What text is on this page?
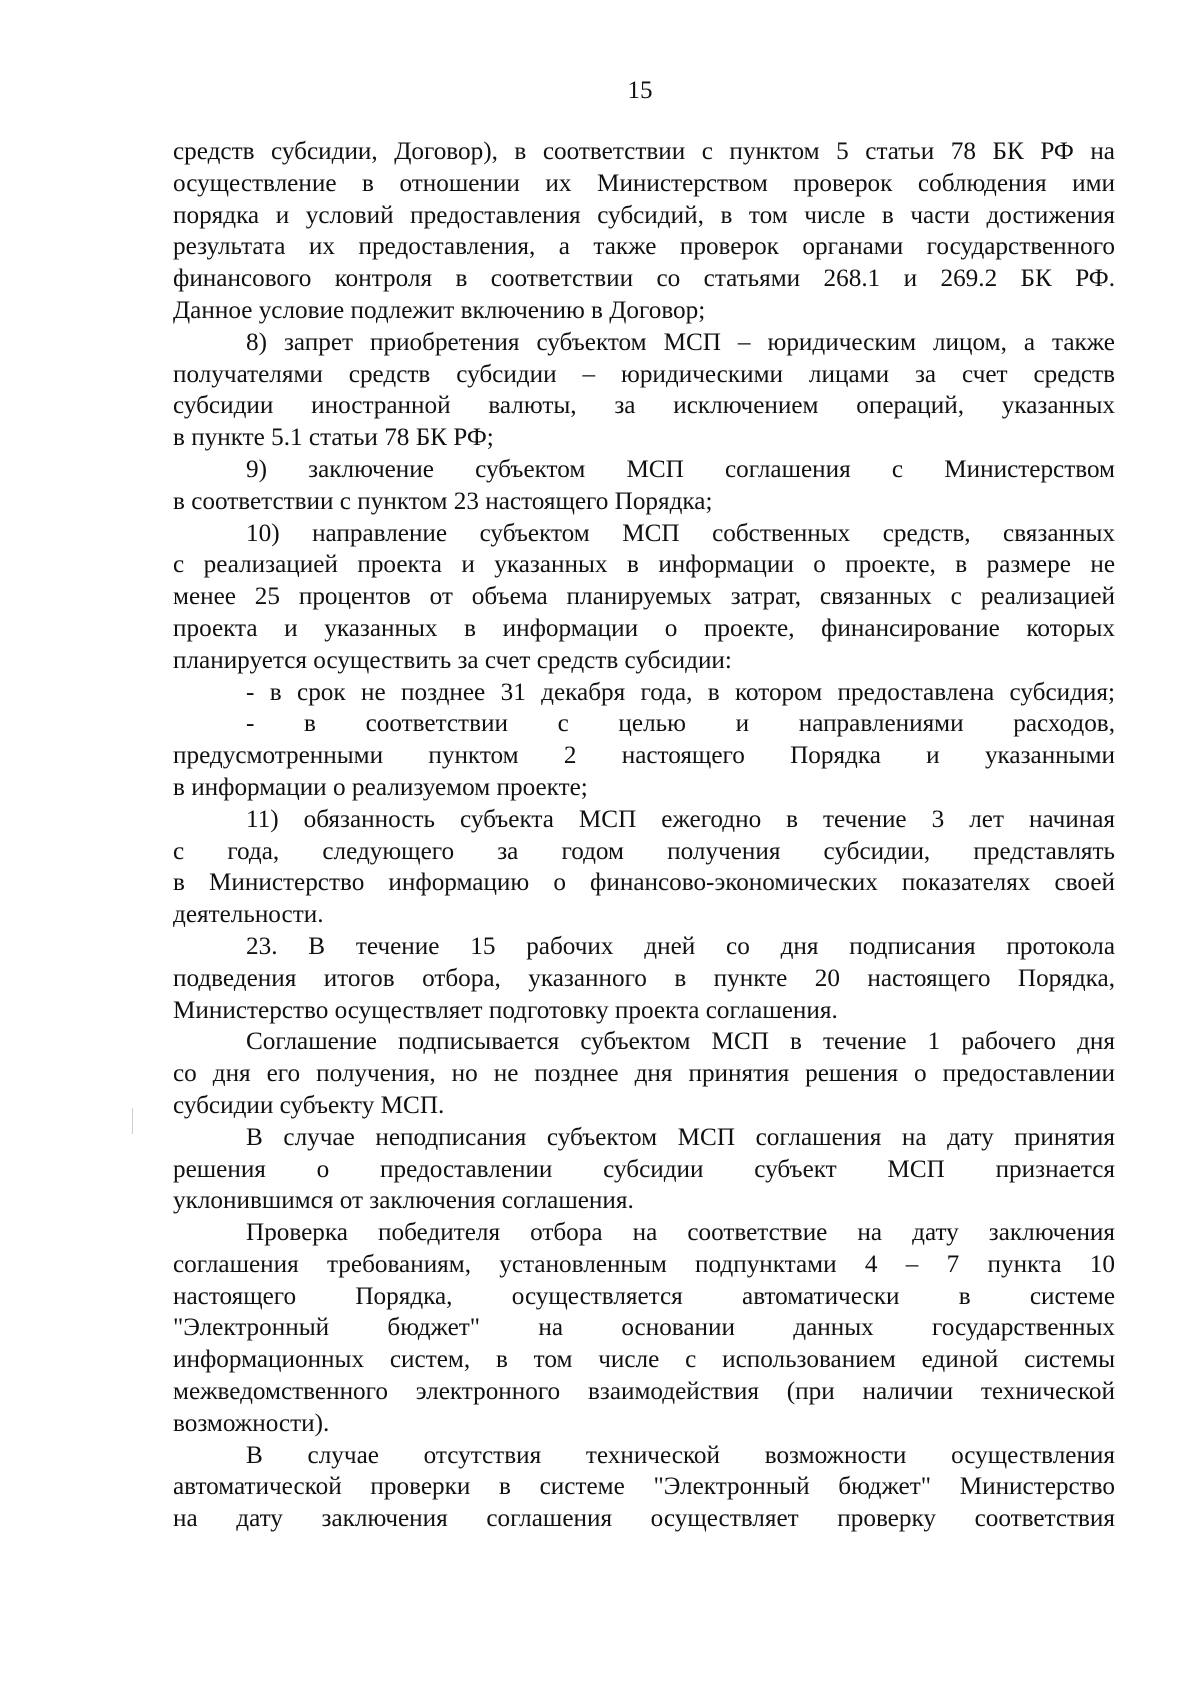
15
средств субсидии, Договор), в соответствии с пунктом 5 статьи 78 БК РФ на
осуществление в отношении их Министерством проверок соблюдения ими
порядка и условий предоставления субсидий, в том числе в части достижения
результата их предоставления, а также проверок органами государственного
финансового контроля в соответствии со статьями 268.1 и 269.2 БК РФ.
Данное условие подлежит включению в Договор;
8) запрет приобретения субъектом МСП – юридическим лицом, а также
получателями средств субсидии – юридическими лицами за счет средств
субсидии иностранной валюты, за исключением операций, указанных
в пункте 5.1 статьи 78 БК РФ;
9) заключение субъектом МСП соглашения с Министерством
в соответствии с пунктом 23 настоящего Порядка;
10) направление субъектом МСП собственных средств, связанных
с реализацией проекта и указанных в информации о проекте, в размере не
менее 25 процентов от объема планируемых затрат, связанных с реализацией
проекта и указанных в информации о проекте, финансирование которых
планируется осуществить за счет средств субсидии:
- в срок не позднее 31 декабря года, в котором предоставлена субсидия;
- в соответствии с целью и направлениями расходов,
предусмотренными пунктом 2 настоящего Порядка и указанными
в информации о реализуемом проекте;
11) обязанность субъекта МСП ежегодно в течение 3 лет начиная
с года, следующего за годом получения субсидии, представлять
в Министерство информацию о финансово-экономических показателях своей
деятельности.
23. В течение 15 рабочих дней со дня подписания протокола
подведения итогов отбора, указанного в пункте 20 настоящего Порядка,
Министерство осуществляет подготовку проекта соглашения.
Соглашение подписывается субъектом МСП в течение 1 рабочего дня
со дня его получения, но не позднее дня принятия решения о предоставлении
субсидии субъекту МСП.
В случае неподписания субъектом МСП соглашения на дату принятия
решения о предоставлении субсидии субъект МСП признается
уклонившимся от заключения соглашения.
Проверка победителя отбора на соответствие на дату заключения
соглашения требованиям, установленным подпунктами 4 – 7 пункта 10
настоящего Порядка, осуществляется автоматически в системе
"Электронный бюджет" на основании данных государственных
информационных систем, в том числе с использованием единой системы
межведомственного электронного взаимодействия (при наличии технической
возможности).
В случае отсутствия технической возможности осуществления
автоматической проверки в системе "Электронный бюджет" Министерство
на дату заключения соглашения осуществляет проверку соответствия
